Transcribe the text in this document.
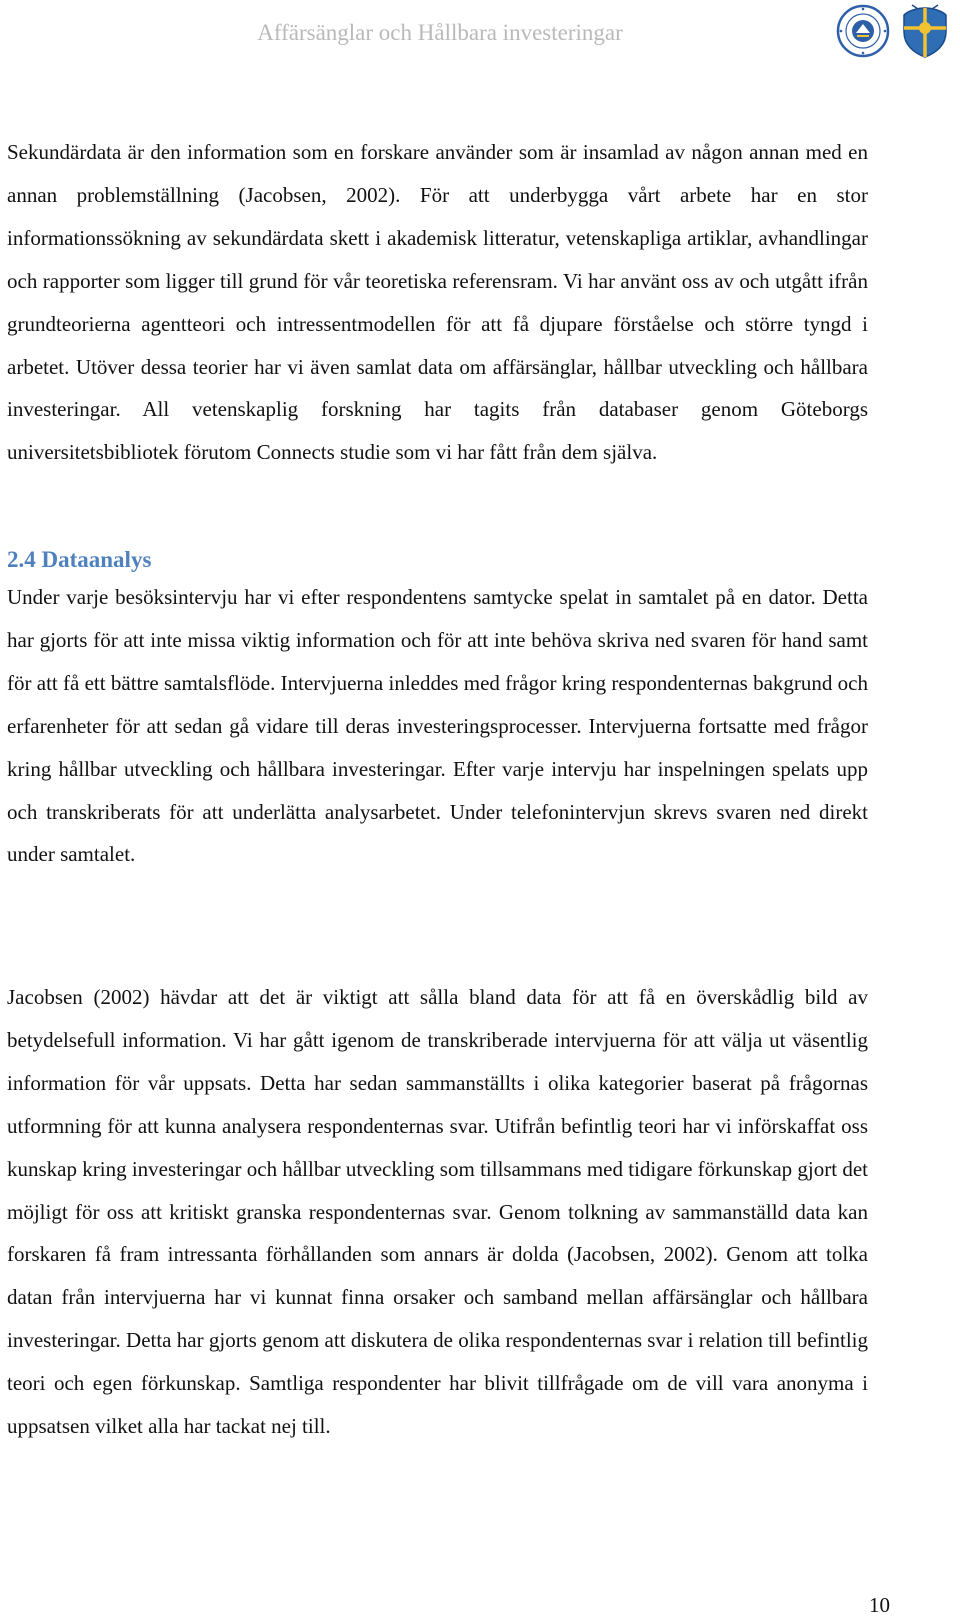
Affärsänglar och Hållbara investeringar

Sekundärdata är den information som en forskare använder som är insamlad av någon annan med en annan problemställning (Jacobsen, 2002). För att underbygga vårt arbete har en stor informationssökning av sekundärdata skett i akademisk litteratur, vetenskapliga artiklar, avhandlingar och rapporter som ligger till grund för vår teoretiska referensram. Vi har använt oss av och utgått ifrån grundteorierna agentteori och intressentmodellen för att få djupare förståelse och större tyngd i arbetet. Utöver dessa teorier har vi även samlat data om affärsänglar, hållbar utveckling och hållbara investeringar. All vetenskaplig forskning har tagits från databaser genom Göteborgs universitetsbibliotek förutom Connects studie som vi har fått från dem själva.

2.4 Dataanalys

Under varje besöksintervju har vi efter respondentens samtycke spelat in samtalet på en dator. Detta har gjorts för att inte missa viktig information och för att inte behöva skriva ned svaren för hand samt för att få ett bättre samtalsflöde. Intervjuerna inleddes med frågor kring respondenternas bakgrund och erfarenheter för att sedan gå vidare till deras investeringsprocesser. Intervjuerna fortsatte med frågor kring hållbar utveckling och hållbara investeringar. Efter varje intervju har inspelningen spelats upp och transkriberats för att underlätta analysarbetet. Under telefonintervjun skrevs svaren ned direkt under samtalet.

Jacobsen (2002) hävdar att det är viktigt att sålla bland data för att få en överskådlig bild av betydelsefull information. Vi har gått igenom de transkriberade intervjuerna för att välja ut väsentlig information för vår uppsats. Detta har sedan sammanställts i olika kategorier baserat på frågornas utformning för att kunna analysera respondenternas svar. Utifrån befintlig teori har vi införskaffat oss kunskap kring investeringar och hållbar utveckling som tillsammans med tidigare förkunskap gjort det möjligt för oss att kritiskt granska respondenternas svar. Genom tolkning av sammanställd data kan forskaren få fram intressanta förhållanden som annars är dolda (Jacobsen, 2002). Genom att tolka datan från intervjuerna har vi kunnat finna orsaker och samband mellan affärsänglar och hållbara investeringar. Detta har gjorts genom att diskutera de olika respondenternas svar i relation till befintlig teori och egen förkunskap. Samtliga respondenter har blivit tillfrågade om de vill vara anonyma i uppsatsen vilket alla har tackat nej till.

10
